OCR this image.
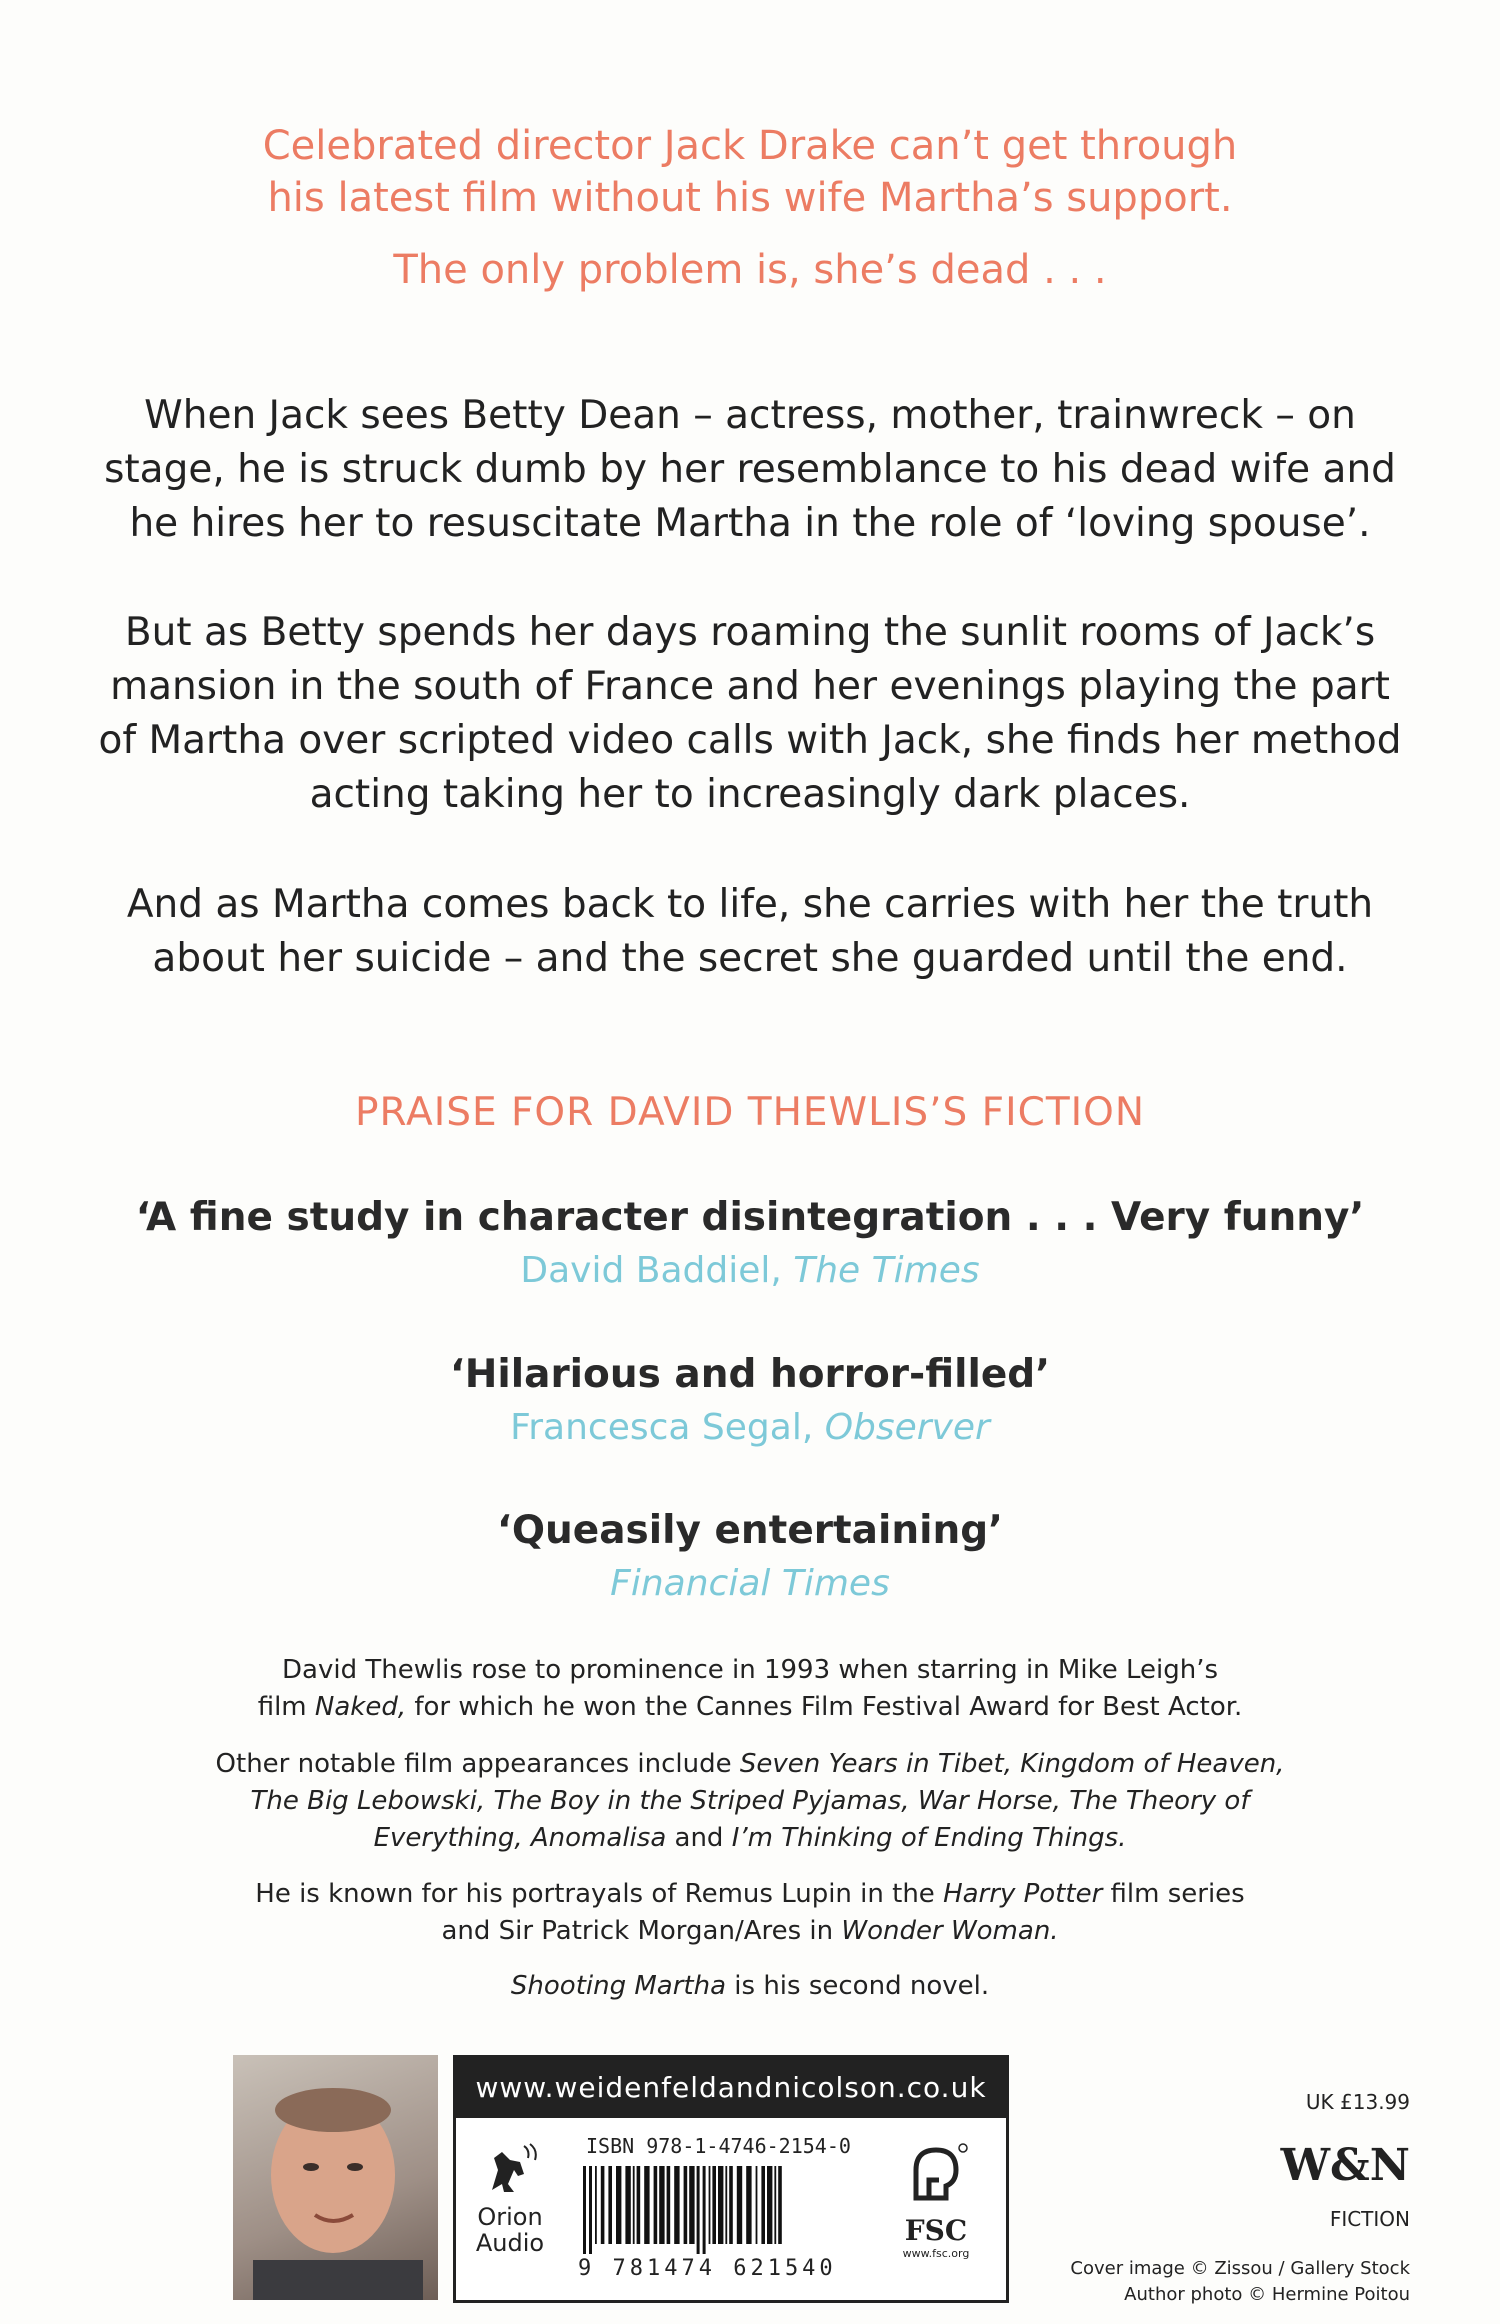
Celebrated director Jack Drake can’t get through
his latest film without his wife Martha’s support.
The only problem is, she’s dead . . .
When Jack sees Betty Dean – actress, mother, trainwreck – on
stage, he is struck dumb by her resemblance to his dead wife and
he hires her to resuscitate Martha in the role of ‘loving spouse’.
But as Betty spends her days roaming the sunlit rooms of Jack’s
mansion in the south of France and her evenings playing the part
of Martha over scripted video calls with Jack, she finds her method
acting taking her to increasingly dark places.
And as Martha comes back to life, she carries with her the truth
about her suicide – and the secret she guarded until the end.
PRAISE FOR DAVID THEWLIS’S FICTION
‘A fine study in character disintegration . . . Very funny’
David Baddiel, The Times
‘Hilarious and horror-filled’
Francesca Segal, Observer
‘Queasily entertaining’
Financial Times
David Thewlis rose to prominence in 1993 when starring in Mike Leigh’s
film Naked, for which he won the Cannes Film Festival Award for Best Actor.
Other notable film appearances include Seven Years in Tibet, Kingdom of Heaven,
The Big Lebowski, The Boy in the Striped Pyjamas, War Horse, The Theory of
Everything, Anomalisa and I’m Thinking of Ending Things.
He is known for his portrayals of Remus Lupin in the Harry Potter film series
and Sir Patrick Morgan/Ares in Wonder Woman.
Shooting Martha is his second novel.
www.weidenfeldandnicolson.co.uk
Orion
Audio
ISBN 978-1-4746-2154-0
9 781474 621540
FSC
www.fsc.org
UK £13.99
W&N
FICTION
Cover image © Zissou / Gallery Stock
Author photo © Hermine Poitou
